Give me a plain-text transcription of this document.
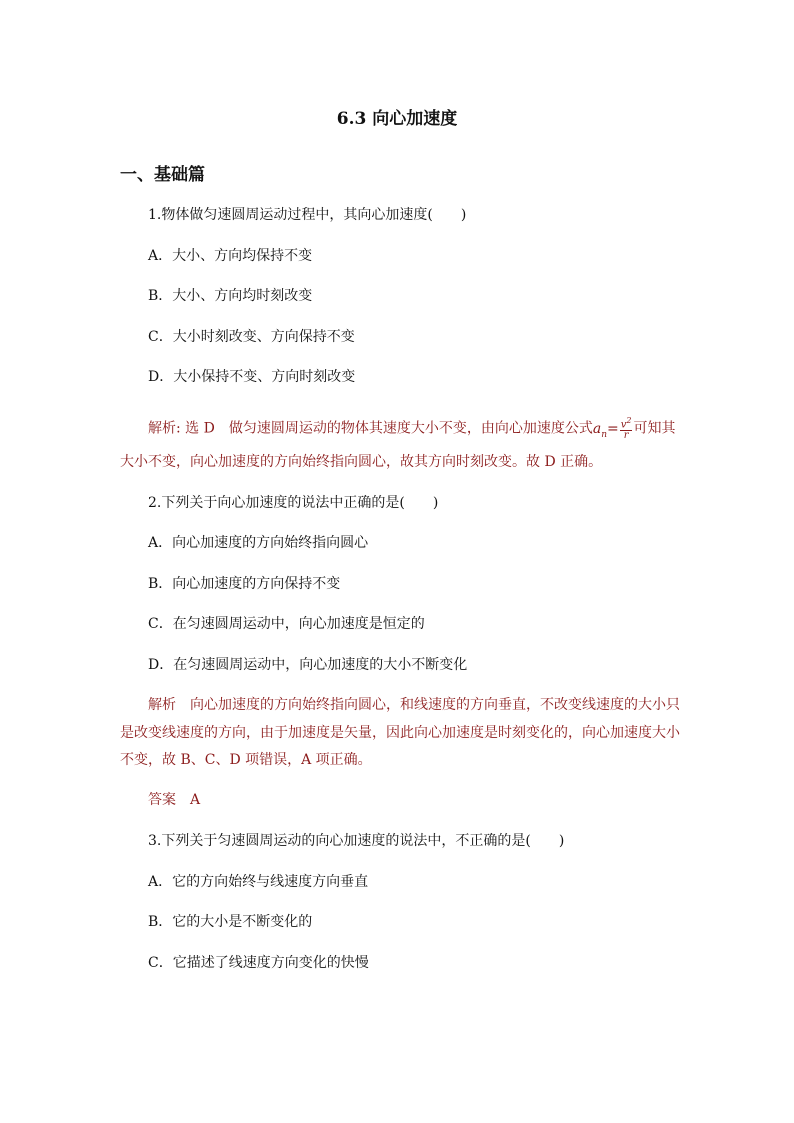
6.3 向心加速度
一、基础篇
1.物体做匀速圆周运动过程中，其向心加速度(　　)
A．大小、方向均保持不变
B．大小、方向均时刻改变
C．大小时刻改变、方向保持不变
D．大小保持不变、方向时刻改变
解析: 选 D　做匀速圆周运动的物体其速度大小不变，由向心加速度公式$a_n= \frac{v^2}{r}$ 可知其
大小不变，向心加速度的方向始终指向圆心，故其方向时刻改变。故 D 正确。
2.下列关于向心加速度的说法中正确的是(　　)
A．向心加速度的方向始终指向圆心
B．向心加速度的方向保持不变
C．在匀速圆周运动中，向心加速度是恒定的
D．在匀速圆周运动中，向心加速度的大小不断变化
解析　向心加速度的方向始终指向圆心，和线速度的方向垂直，不改变线速度的大小只
是改变线速度的方向，由于加速度是矢量，因此向心加速度是时刻变化的，向心加速度大小
不变，故 B、C、D 项错误，A 项正确。
答案　A
3.下列关于匀速圆周运动的向心加速度的说法中，不正确的是(　　)
A．它的方向始终与线速度方向垂直
B．它的大小是不断变化的
C．它描述了线速度方向变化的快慢
